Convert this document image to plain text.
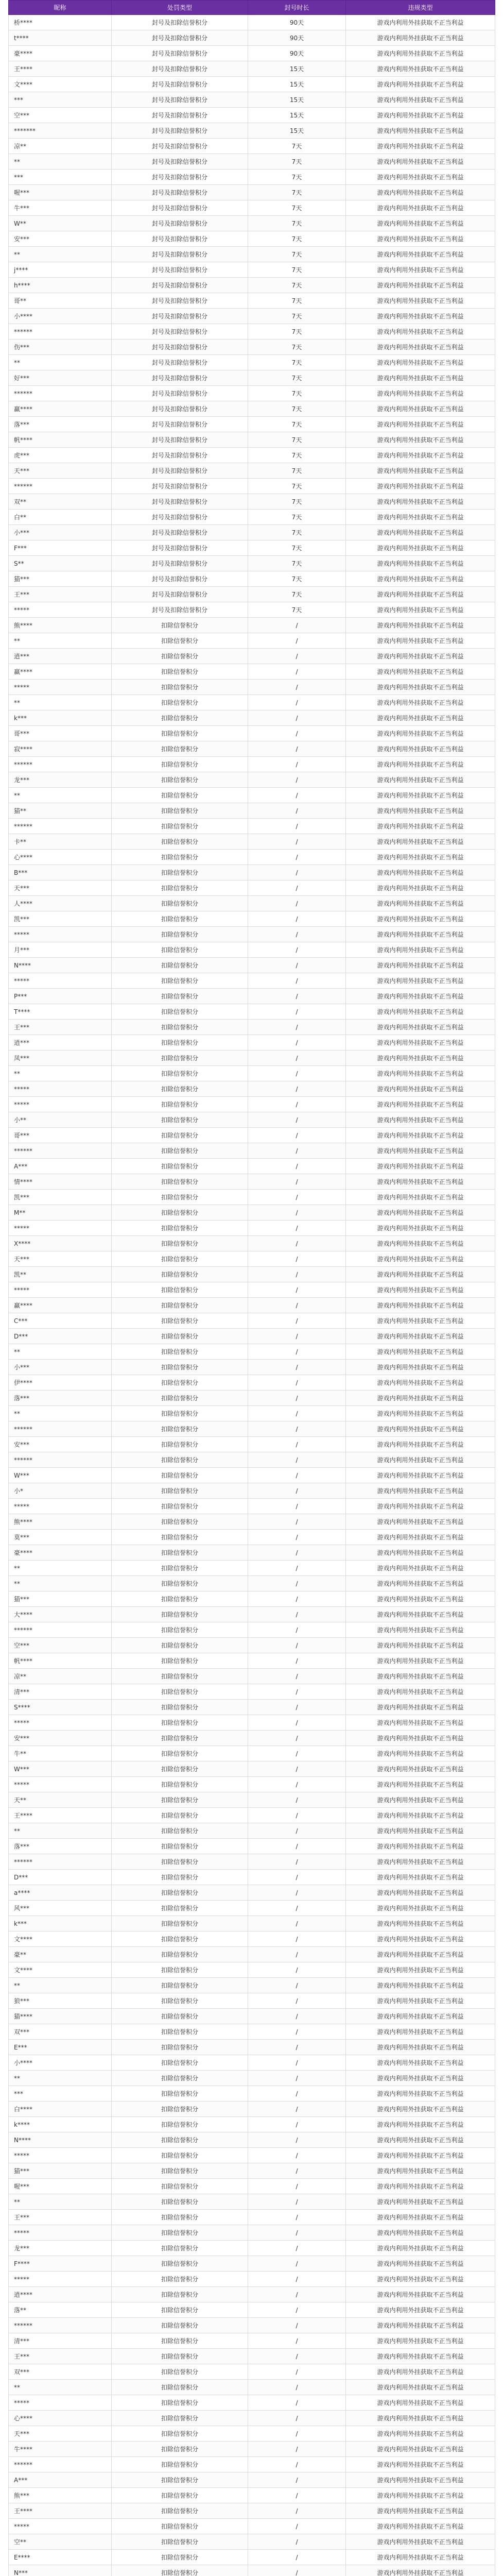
昵称	处罚类型	封号时长	违规类型
桥****	封号及扣除信誉积分	90天	游戏内利用外挂获取不正当利益
t****	封号及扣除信誉积分	90天	游戏内利用外挂获取不正当利益
豪****	封号及扣除信誉积分	90天	游戏内利用外挂获取不正当利益
王****	封号及扣除信誉积分	15天	游戏内利用外挂获取不正当利益
文****	封号及扣除信誉积分	15天	游戏内利用外挂获取不正当利益
***	封号及扣除信誉积分	15天	游戏内利用外挂获取不正当利益
空***	封号及扣除信誉积分	15天	游戏内利用外挂获取不正当利益
*******	封号及扣除信誉积分	15天	游戏内利用外挂获取不正当利益
凉**	封号及扣除信誉积分	7天	游戏内利用外挂获取不正当利益
**	封号及扣除信誉积分	7天	游戏内利用外挂获取不正当利益
***	封号及扣除信誉积分	7天	游戏内利用外挂获取不正当利益
喔***	封号及扣除信誉积分	7天	游戏内利用外挂获取不正当利益
牛***	封号及扣除信誉积分	7天	游戏内利用外挂获取不正当利益
W**	封号及扣除信誉积分	7天	游戏内利用外挂获取不正当利益
安***	封号及扣除信誉积分	7天	游戏内利用外挂获取不正当利益
**	封号及扣除信誉积分	7天	游戏内利用外挂获取不正当利益
j****	封号及扣除信誉积分	7天	游戏内利用外挂获取不正当利益
h****	封号及扣除信誉积分	7天	游戏内利用外挂获取不正当利益
哥**	封号及扣除信誉积分	7天	游戏内利用外挂获取不正当利益
小****	封号及扣除信誉积分	7天	游戏内利用外挂获取不正当利益
******	封号及扣除信誉积分	7天	游戏内利用外挂获取不正当利益
伤***	封号及扣除信誉积分	7天	游戏内利用外挂获取不正当利益
**	封号及扣除信誉积分	7天	游戏内利用外挂获取不正当利益
好***	封号及扣除信誉积分	7天	游戏内利用外挂获取不正当利益
******	封号及扣除信誉积分	7天	游戏内利用外挂获取不正当利益
赢****	封号及扣除信誉积分	7天	游戏内利用外挂获取不正当利益
落***	封号及扣除信誉积分	7天	游戏内利用外挂获取不正当利益
帆****	封号及扣除信誉积分	7天	游戏内利用外挂获取不正当利益
虎***	封号及扣除信誉积分	7天	游戏内利用外挂获取不正当利益
天***	封号及扣除信誉积分	7天	游戏内利用外挂获取不正当利益
******	封号及扣除信誉积分	7天	游戏内利用外挂获取不正当利益
双**	封号及扣除信誉积分	7天	游戏内利用外挂获取不正当利益
白**	封号及扣除信誉积分	7天	游戏内利用外挂获取不正当利益
小***	封号及扣除信誉积分	7天	游戏内利用外挂获取不正当利益
F***	封号及扣除信誉积分	7天	游戏内利用外挂获取不正当利益
S**	封号及扣除信誉积分	7天	游戏内利用外挂获取不正当利益
猫***	封号及扣除信誉积分	7天	游戏内利用外挂获取不正当利益
王***	封号及扣除信誉积分	7天	游戏内利用外挂获取不正当利益
*****	封号及扣除信誉积分	7天	游戏内利用外挂获取不正当利益
熊****	扣除信誉积分	/	游戏内利用外挂获取不正当利益
**	扣除信誉积分	/	游戏内利用外挂获取不正当利益
逍***	扣除信誉积分	/	游戏内利用外挂获取不正当利益
赢****	扣除信誉积分	/	游戏内利用外挂获取不正当利益
*****	扣除信誉积分	/	游戏内利用外挂获取不正当利益
**	扣除信誉积分	/	游戏内利用外挂获取不正当利益
k***	扣除信誉积分	/	游戏内利用外挂获取不正当利益
哥***	扣除信誉积分	/	游戏内利用外挂获取不正当利益
寂****	扣除信誉积分	/	游戏内利用外挂获取不正当利益
******	扣除信誉积分	/	游戏内利用外挂获取不正当利益
龙***	扣除信誉积分	/	游戏内利用外挂获取不正当利益
**	扣除信誉积分	/	游戏内利用外挂获取不正当利益
猫**	扣除信誉积分	/	游戏内利用外挂获取不正当利益
******	扣除信誉积分	/	游戏内利用外挂获取不正当利益
卡**	扣除信誉积分	/	游戏内利用外挂获取不正当利益
心****	扣除信誉积分	/	游戏内利用外挂获取不正当利益
B***	扣除信誉积分	/	游戏内利用外挂获取不正当利益
天***	扣除信誉积分	/	游戏内利用外挂获取不正当利益
人****	扣除信誉积分	/	游戏内利用外挂获取不正当利益
凯***	扣除信誉积分	/	游戏内利用外挂获取不正当利益
*****	扣除信誉积分	/	游戏内利用外挂获取不正当利益
月***	扣除信誉积分	/	游戏内利用外挂获取不正当利益
N****	扣除信誉积分	/	游戏内利用外挂获取不正当利益
*****	扣除信誉积分	/	游戏内利用外挂获取不正当利益
P***	扣除信誉积分	/	游戏内利用外挂获取不正当利益
T****	扣除信誉积分	/	游戏内利用外挂获取不正当利益
王***	扣除信誉积分	/	游戏内利用外挂获取不正当利益
逍***	扣除信誉积分	/	游戏内利用外挂获取不正当利益
凤***	扣除信誉积分	/	游戏内利用外挂获取不正当利益
**	扣除信誉积分	/	游戏内利用外挂获取不正当利益
*****	扣除信誉积分	/	游戏内利用外挂获取不正当利益
*****	扣除信誉积分	/	游戏内利用外挂获取不正当利益
小**	扣除信誉积分	/	游戏内利用外挂获取不正当利益
哥***	扣除信誉积分	/	游戏内利用外挂获取不正当利益
******	扣除信誉积分	/	游戏内利用外挂获取不正当利益
A***	扣除信誉积分	/	游戏内利用外挂获取不正当利益
情****	扣除信誉积分	/	游戏内利用外挂获取不正当利益
凯***	扣除信誉积分	/	游戏内利用外挂获取不正当利益
M**	扣除信誉积分	/	游戏内利用外挂获取不正当利益
*****	扣除信誉积分	/	游戏内利用外挂获取不正当利益
X****	扣除信誉积分	/	游戏内利用外挂获取不正当利益
天***	扣除信誉积分	/	游戏内利用外挂获取不正当利益
凯**	扣除信誉积分	/	游戏内利用外挂获取不正当利益
*****	扣除信誉积分	/	游戏内利用外挂获取不正当利益
赢****	扣除信誉积分	/	游戏内利用外挂获取不正当利益
C***	扣除信誉积分	/	游戏内利用外挂获取不正当利益
D***	扣除信誉积分	/	游戏内利用外挂获取不正当利益
**	扣除信誉积分	/	游戏内利用外挂获取不正当利益
小***	扣除信誉积分	/	游戏内利用外挂获取不正当利益
伊****	扣除信誉积分	/	游戏内利用外挂获取不正当利益
落***	扣除信誉积分	/	游戏内利用外挂获取不正当利益
**	扣除信誉积分	/	游戏内利用外挂获取不正当利益
******	扣除信誉积分	/	游戏内利用外挂获取不正当利益
安***	扣除信誉积分	/	游戏内利用外挂获取不正当利益
******	扣除信誉积分	/	游戏内利用外挂获取不正当利益
W***	扣除信誉积分	/	游戏内利用外挂获取不正当利益
小*	扣除信誉积分	/	游戏内利用外挂获取不正当利益
*****	扣除信誉积分	/	游戏内利用外挂获取不正当利益
熊****	扣除信誉积分	/	游戏内利用外挂获取不正当利益
莫***	扣除信誉积分	/	游戏内利用外挂获取不正当利益
豪****	扣除信誉积分	/	游戏内利用外挂获取不正当利益
**	扣除信誉积分	/	游戏内利用外挂获取不正当利益
**	扣除信誉积分	/	游戏内利用外挂获取不正当利益
猫***	扣除信誉积分	/	游戏内利用外挂获取不正当利益
大****	扣除信誉积分	/	游戏内利用外挂获取不正当利益
******	扣除信誉积分	/	游戏内利用外挂获取不正当利益
空***	扣除信誉积分	/	游戏内利用外挂获取不正当利益
帆****	扣除信誉积分	/	游戏内利用外挂获取不正当利益
凉**	扣除信誉积分	/	游戏内利用外挂获取不正当利益
清***	扣除信誉积分	/	游戏内利用外挂获取不正当利益
S****	扣除信誉积分	/	游戏内利用外挂获取不正当利益
*****	扣除信誉积分	/	游戏内利用外挂获取不正当利益
安***	扣除信誉积分	/	游戏内利用外挂获取不正当利益
牛**	扣除信誉积分	/	游戏内利用外挂获取不正当利益
W***	扣除信誉积分	/	游戏内利用外挂获取不正当利益
*****	扣除信誉积分	/	游戏内利用外挂获取不正当利益
天**	扣除信誉积分	/	游戏内利用外挂获取不正当利益
王****	扣除信誉积分	/	游戏内利用外挂获取不正当利益
**	扣除信誉积分	/	游戏内利用外挂获取不正当利益
落***	扣除信誉积分	/	游戏内利用外挂获取不正当利益
******	扣除信誉积分	/	游戏内利用外挂获取不正当利益
D***	扣除信誉积分	/	游戏内利用外挂获取不正当利益
a****	扣除信誉积分	/	游戏内利用外挂获取不正当利益
风***	扣除信誉积分	/	游戏内利用外挂获取不正当利益
k***	扣除信誉积分	/	游戏内利用外挂获取不正当利益
文****	扣除信誉积分	/	游戏内利用外挂获取不正当利益
豪**	扣除信誉积分	/	游戏内利用外挂获取不正当利益
文****	扣除信誉积分	/	游戏内利用外挂获取不正当利益
**	扣除信誉积分	/	游戏内利用外挂获取不正当利益
狼***	扣除信誉积分	/	游戏内利用外挂获取不正当利益
猫****	扣除信誉积分	/	游戏内利用外挂获取不正当利益
双***	扣除信誉积分	/	游戏内利用外挂获取不正当利益
E***	扣除信誉积分	/	游戏内利用外挂获取不正当利益
小****	扣除信誉积分	/	游戏内利用外挂获取不正当利益
**	扣除信誉积分	/	游戏内利用外挂获取不正当利益
***	扣除信誉积分	/	游戏内利用外挂获取不正当利益
白****	扣除信誉积分	/	游戏内利用外挂获取不正当利益
k****	扣除信誉积分	/	游戏内利用外挂获取不正当利益
N****	扣除信誉积分	/	游戏内利用外挂获取不正当利益
*****	扣除信誉积分	/	游戏内利用外挂获取不正当利益
猫***	扣除信誉积分	/	游戏内利用外挂获取不正当利益
喔***	扣除信誉积分	/	游戏内利用外挂获取不正当利益
**	扣除信誉积分	/	游戏内利用外挂获取不正当利益
王***	扣除信誉积分	/	游戏内利用外挂获取不正当利益
*****	扣除信誉积分	/	游戏内利用外挂获取不正当利益
龙***	扣除信誉积分	/	游戏内利用外挂获取不正当利益
F****	扣除信誉积分	/	游戏内利用外挂获取不正当利益
*****	扣除信誉积分	/	游戏内利用外挂获取不正当利益
逍****	扣除信誉积分	/	游戏内利用外挂获取不正当利益
落**	扣除信誉积分	/	游戏内利用外挂获取不正当利益
******	扣除信誉积分	/	游戏内利用外挂获取不正当利益
清***	扣除信誉积分	/	游戏内利用外挂获取不正当利益
王***	扣除信誉积分	/	游戏内利用外挂获取不正当利益
双***	扣除信誉积分	/	游戏内利用外挂获取不正当利益
**	扣除信誉积分	/	游戏内利用外挂获取不正当利益
*****	扣除信誉积分	/	游戏内利用外挂获取不正当利益
心****	扣除信誉积分	/	游戏内利用外挂获取不正当利益
天***	扣除信誉积分	/	游戏内利用外挂获取不正当利益
牛****	扣除信誉积分	/	游戏内利用外挂获取不正当利益
******	扣除信誉积分	/	游戏内利用外挂获取不正当利益
A***	扣除信誉积分	/	游戏内利用外挂获取不正当利益
熊***	扣除信誉积分	/	游戏内利用外挂获取不正当利益
王****	扣除信誉积分	/	游戏内利用外挂获取不正当利益
*****	扣除信誉积分	/	游戏内利用外挂获取不正当利益
空**	扣除信誉积分	/	游戏内利用外挂获取不正当利益
E****	扣除信誉积分	/	游戏内利用外挂获取不正当利益
N***	扣除信誉积分	/	游戏内利用外挂获取不正当利益
